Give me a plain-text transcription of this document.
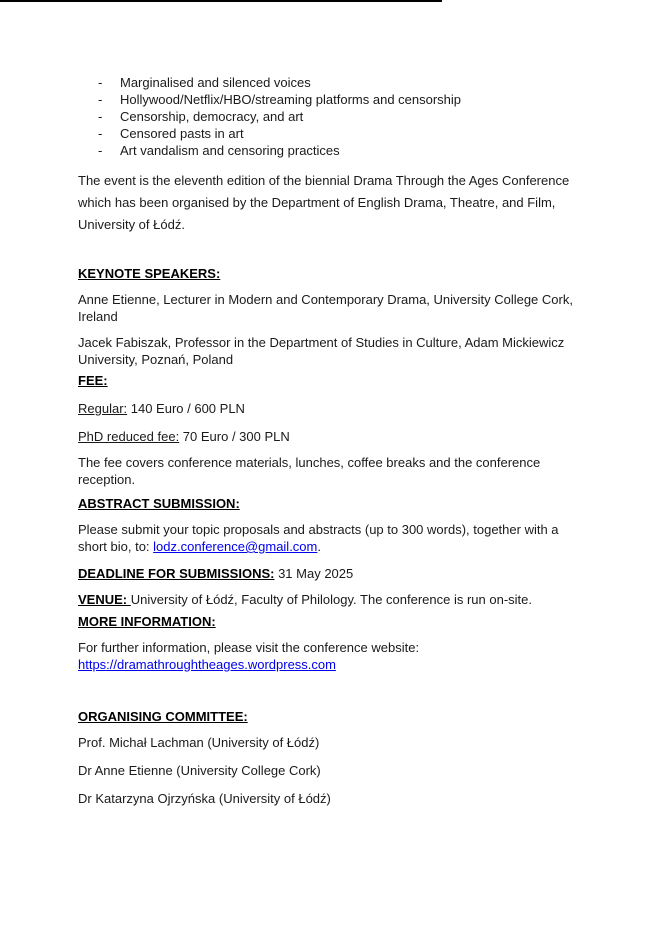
-	Marginalised and silenced voices
-	Hollywood/Netflix/HBO/streaming platforms and censorship
-	Censorship, democracy, and art
-	Censored pasts in art
-	Art vandalism and censoring practices

The event is the eleventh edition of the biennial Drama Through the Ages Conference which has been organised by the Department of English Drama, Theatre, and Film, University of Łódź.

KEYNOTE SPEAKERS:

Anne Etienne, Lecturer in Modern and Contemporary Drama, University College Cork, Ireland

Jacek Fabiszak, Professor in the Department of Studies in Culture, Adam Mickiewicz University, Poznań, Poland

FEE:

Regular: 140 Euro / 600 PLN

PhD reduced fee: 70 Euro / 300 PLN

The fee covers conference materials, lunches, coffee breaks and the conference reception.

ABSTRACT SUBMISSION:

Please submit your topic proposals and abstracts (up to 300 words), together with a short bio, to: lodz.conference@gmail.com.

DEADLINE FOR SUBMISSIONS: 31 May 2025

VENUE: University of Łódź, Faculty of Philology. The conference is run on-site.

MORE INFORMATION:

For further information, please visit the conference website:
https://dramathroughtheages.wordpress.com

ORGANISING COMMITTEE:

Prof. Michał Lachman (University of Łódź)

Dr Anne Etienne (University College Cork)

Dr Katarzyna Ojrzyńska (University of Łódź)
